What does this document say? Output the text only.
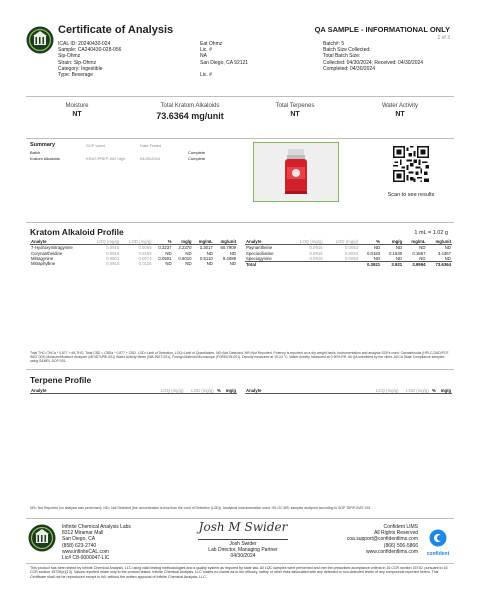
Certificate of Analysis	QA SAMPLE - INFORMATIONAL ONLY
1 of 3
ICAL ID: 20240430-024
Sample: CA240430-028-056
Sip-Ohmz
Strain: Sip-Ohmz
Category: Ingestible
Type: Beverage
Eat Ohmz
Lic. #
NA
San Diego, CA 92121
Lic. #
Batch#: 5
Batch Size Collected:
Total Batch Size:
Collected: 04/30/2024; Received: 04/30/2024
Completed: 04/30/2024
Moisture
NT
Total Kratom Alkaloids
73.6364 mg/unit
Total Terpenes
NT
Water Activity
NT
Summary	SOP Used	Date Tested
Batch	Complete
Kratom Alkaloids	KRAT-PREP-002 high	04/30/2024	Complete
Scan to see results
Kratom Alkaloid Profile	1 mL = 1.02 g
Analyte	LOQ (mg/g)	LOD (mg/g)	%	mg/g	mg/mL	mg/unit
7-Hydroxymitragynine	0.0915	0.0065	0.3237	3.2370	3.3017	60.7909
Corynantheidine	0.0915	0.0155	ND	ND	ND	ND
Mitragynine	0.0801	0.0074	0.0501	0.5010	0.5110	9.4088
Mitraphylline	0.0915	0.0116	ND	ND	ND	ND
Analyte	LOQ (mg/g)	LOD (mg/g)	%	mg/g	mg/mL	mg/unit
Paynantheine	0.0915	0.0053	ND	ND	ND	ND
Speciociliatine	0.0915	0.0053	0.0183	0.1830	0.1867	3.4367
Speciogynine	0.0915	0.0053	ND	ND	ND	ND
Total			0.3921	3.921	3.9994	73.6364
Total THC=THCa * 0.877 + d9-THC; Total CBD = CBDa * 0.877 + CBD. LOD=Limit of Detection, LOQ=Limit of Quantitation, ND=Not Detected, NR=Not Reported. Potency is reported on a dry weight basis. Instrumentation and analysis SOPs used: Cannabinoids (HPLC-DAD/POT-INST-003) Moisture/Moisture Analyzer (MOISTURE-001) Water Activity Meter (WA-INST-001), Foreign Material Microscope (FOREIGN-001). Density measured at 19-24 °C. Water Activity measured at 0-90% RH. All QA submitted by the client. All CA State Compliance sampled using SAMPL-SOP-001.
Terpene Profile
Analyte	LOQ (mg/g)	LOD (mg/g)	%	mg/g Analyte	LOQ (mg/g)	LOD (mg/g)	%	mg/g
NR= Not Reported (no analysis was performed), ND= Not Detected (the concentration is less than the Limit of Detection (LOD)). Analytical instrumentation used: HS-GC-MS; samples analyzed according to SOP TERP-INST-001.
Infinite Chemical Analysis Labs
8312 Miramar Mall
San Diego, CA
(858) 623-2740
www.infiniteCAL.com
Lic# C8-0000047-LIC
Josh M Swider
Josh Swider
Lab Director, Managing Partner
04/30/2024
Confident LIMS
All Rights Reserved
coa.support@confidentlims.com
(866) 506-5866
www.confidentlims.com	confident
This product has been tested by Infinite Chemical Analysis, LLC using valid testing methodologies and a quality system as required by state law. All LQC samples were performed and met the prescribed acceptance criteria in 16 CCR section 15730, pursuant to 16 CCR section 15726(e)(13). Values reported relate only to the product tested. Infinite Chemical Analysis, LLC makes no claims as to the efficacy, safety or other risks associated with any detected or non-detected levels of any compounds reported herein. This Certificate shall not be reproduced except in full, without the written approval of Infinite Chemical Analysis, LLC.
